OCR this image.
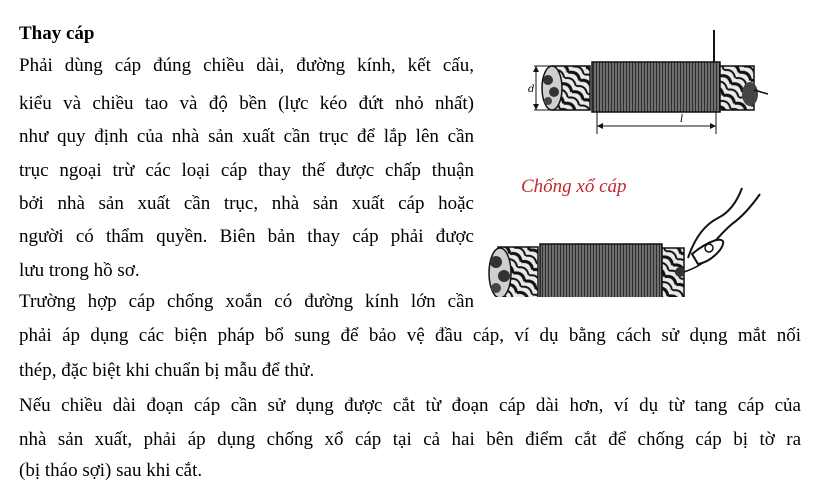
Thay cáp
Phải dùng cáp đúng chiều dài, đường kính, kết cấu,
kiểu và chiều tao và độ bền (lực kéo đứt nhỏ nhất)
như quy định của nhà sản xuất cần trục để lắp lên cần
trục ngoại trừ các loại cáp thay thế được chấp thuận
bởi nhà sản xuất cần trục, nhà sản xuất cáp hoặc
người có thẩm quyền. Biên bản thay cáp phải được
lưu trong hồ sơ.
Trường hợp cáp chống xoắn có đường kính lớn cần
phải áp dụng các biện pháp bổ sung để bảo vệ đầu cáp, ví dụ bằng cách sử dụng mắt nối
thép, đặc biệt khi chuẩn bị mẫu để thử.
Nếu chiều dài đoạn cáp cần sử dụng được cắt từ đoạn cáp dài hơn, ví dụ từ tang cáp của
nhà sản xuất, phải áp dụng chống xổ cáp tại cả hai bên điểm cắt để chống cáp bị tờ ra
(bị tháo sợi) sau khi cắt.
d
l
Chống xổ cáp
